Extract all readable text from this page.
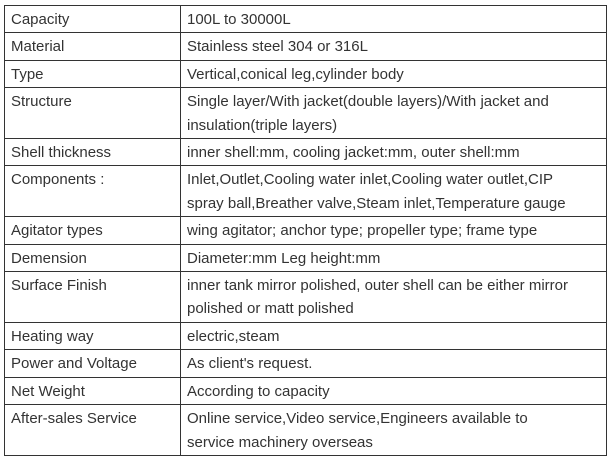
Capacity	100L to 30000L
Material	Stainless steel 304 or 316L
Type	Vertical,conical leg,cylinder body
Structure	Single layer/With jacket(double layers)/With jacket and
insulation(triple layers)
Shell thickness	inner shell:mm, cooling jacket:mm, outer shell:mm
Components :	Inlet,Outlet,Cooling water inlet,Cooling water outlet,CIP
spray ball,Breather valve,Steam inlet,Temperature gauge
Agitator types	wing agitator; anchor type; propeller type; frame type
Demension	Diameter:mm Leg height:mm
Surface Finish	inner tank mirror polished, outer shell can be either mirror
polished or matt polished
Heating way	electric,steam
Power and Voltage	As client's request.
Net Weight	According to capacity
After-sales Service	Online service,Video service,Engineers available to
service machinery overseas
